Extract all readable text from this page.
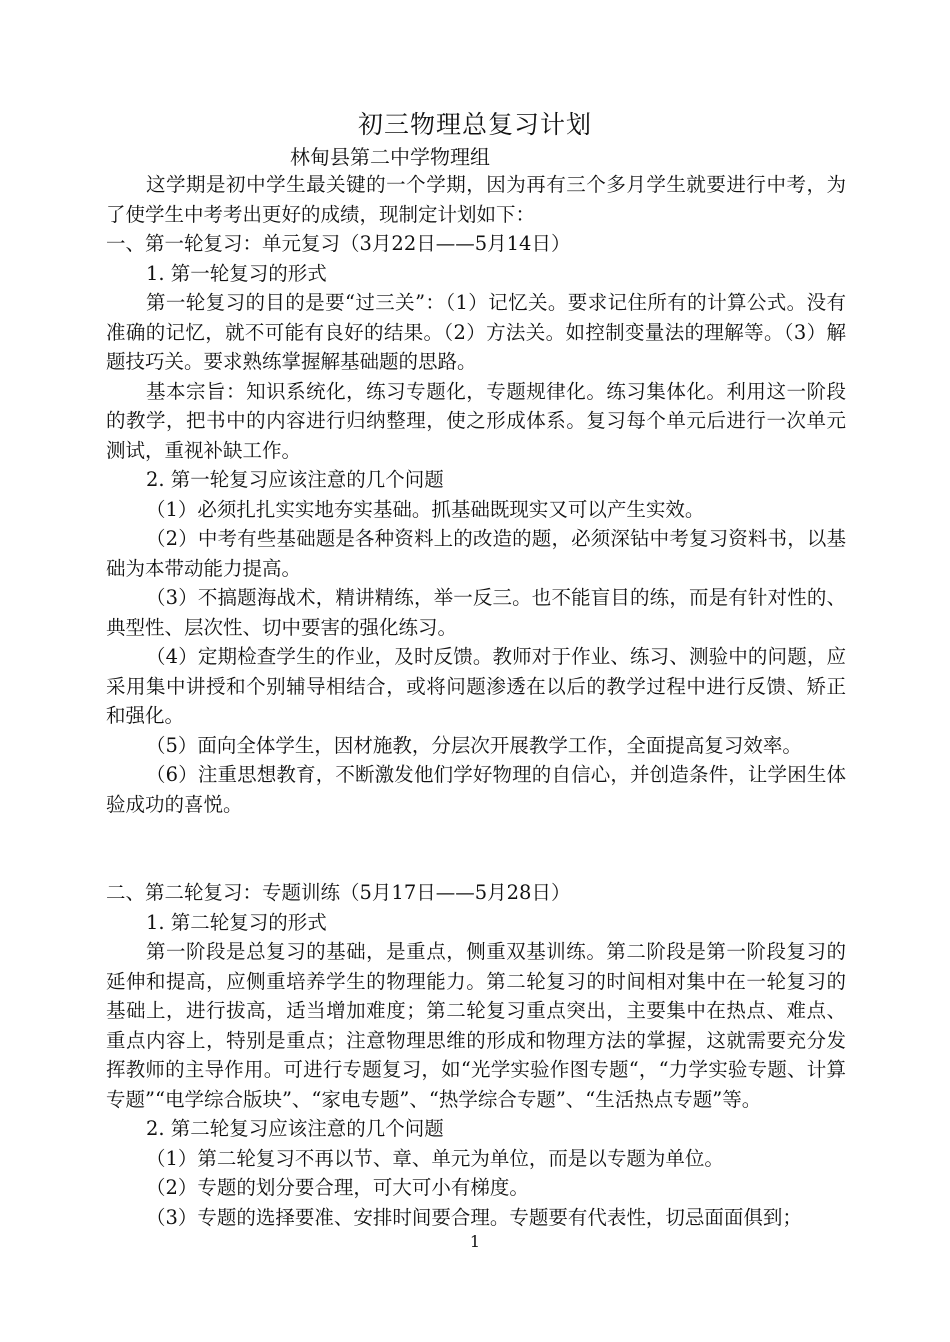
初三物理总复习计划
林甸县第二中学物理组

这学期是初中学生最关键的一个学期，因为再有三个多月学生就要进行中考，为了使学生中考考出更好的成绩，现制定计划如下：

一、第一轮复习：单元复习（3月22日——5月14日）

1. 第一轮复习的形式

第一轮复习的目的是要“过三关”：（1）记忆关。要求记住所有的计算公式。没有准确的记忆，就不可能有良好的结果。（2）方法关。如控制变量法的理解等。（3）解题技巧关。要求熟练掌握解基础题的思路。

基本宗旨：知识系统化，练习专题化，专题规律化。练习集体化。利用这一阶段的教学，把书中的内容进行归纳整理，使之形成体系。复习每个单元后进行一次单元测试，重视补缺工作。

2. 第一轮复习应该注意的几个问题

（1）必须扎扎实实地夯实基础。抓基础既现实又可以产生实效。

（2）中考有些基础题是各种资料上的改造的题，必须深钻中考复习资料书，以基础为本带动能力提高。

（3）不搞题海战术，精讲精练，举一反三。也不能盲目的练，而是有针对性的、典型性、层次性、切中要害的强化练习。

（4）定期检查学生的作业，及时反馈。教师对于作业、练习、测验中的问题，应采用集中讲授和个别辅导相结合，或将问题渗透在以后的教学过程中进行反馈、矫正和强化。

（5）面向全体学生，因材施教，分层次开展教学工作，全面提高复习效率。

（6）注重思想教育，不断激发他们学好物理的自信心，并创造条件，让学困生体验成功的喜悦。

二、第二轮复习：专题训练（5月17日——5月28日）

1. 第二轮复习的形式

第一阶段是总复习的基础，是重点，侧重双基训练。第二阶段是第一阶段复习的延伸和提高，应侧重培养学生的物理能力。第二轮复习的时间相对集中在一轮复习的基础上，进行拔高，适当增加难度；第二轮复习重点突出，主要集中在热点、难点、重点内容上，特别是重点；注意物理思维的形成和物理方法的掌握，这就需要充分发挥教师的主导作用。可进行专题复习，如“光学实验作图专题“，“力学实验专题、计算专题”“电学综合版块”、“家电专题”、“热学综合专题”、“生活热点专题”等。

2. 第二轮复习应该注意的几个问题

（1）第二轮复习不再以节、章、单元为单位，而是以专题为单位。

（2）专题的划分要合理，可大可小有梯度。

（3）专题的选择要准、安排时间要合理。专题要有代表性，切忌面面俱到；

1
